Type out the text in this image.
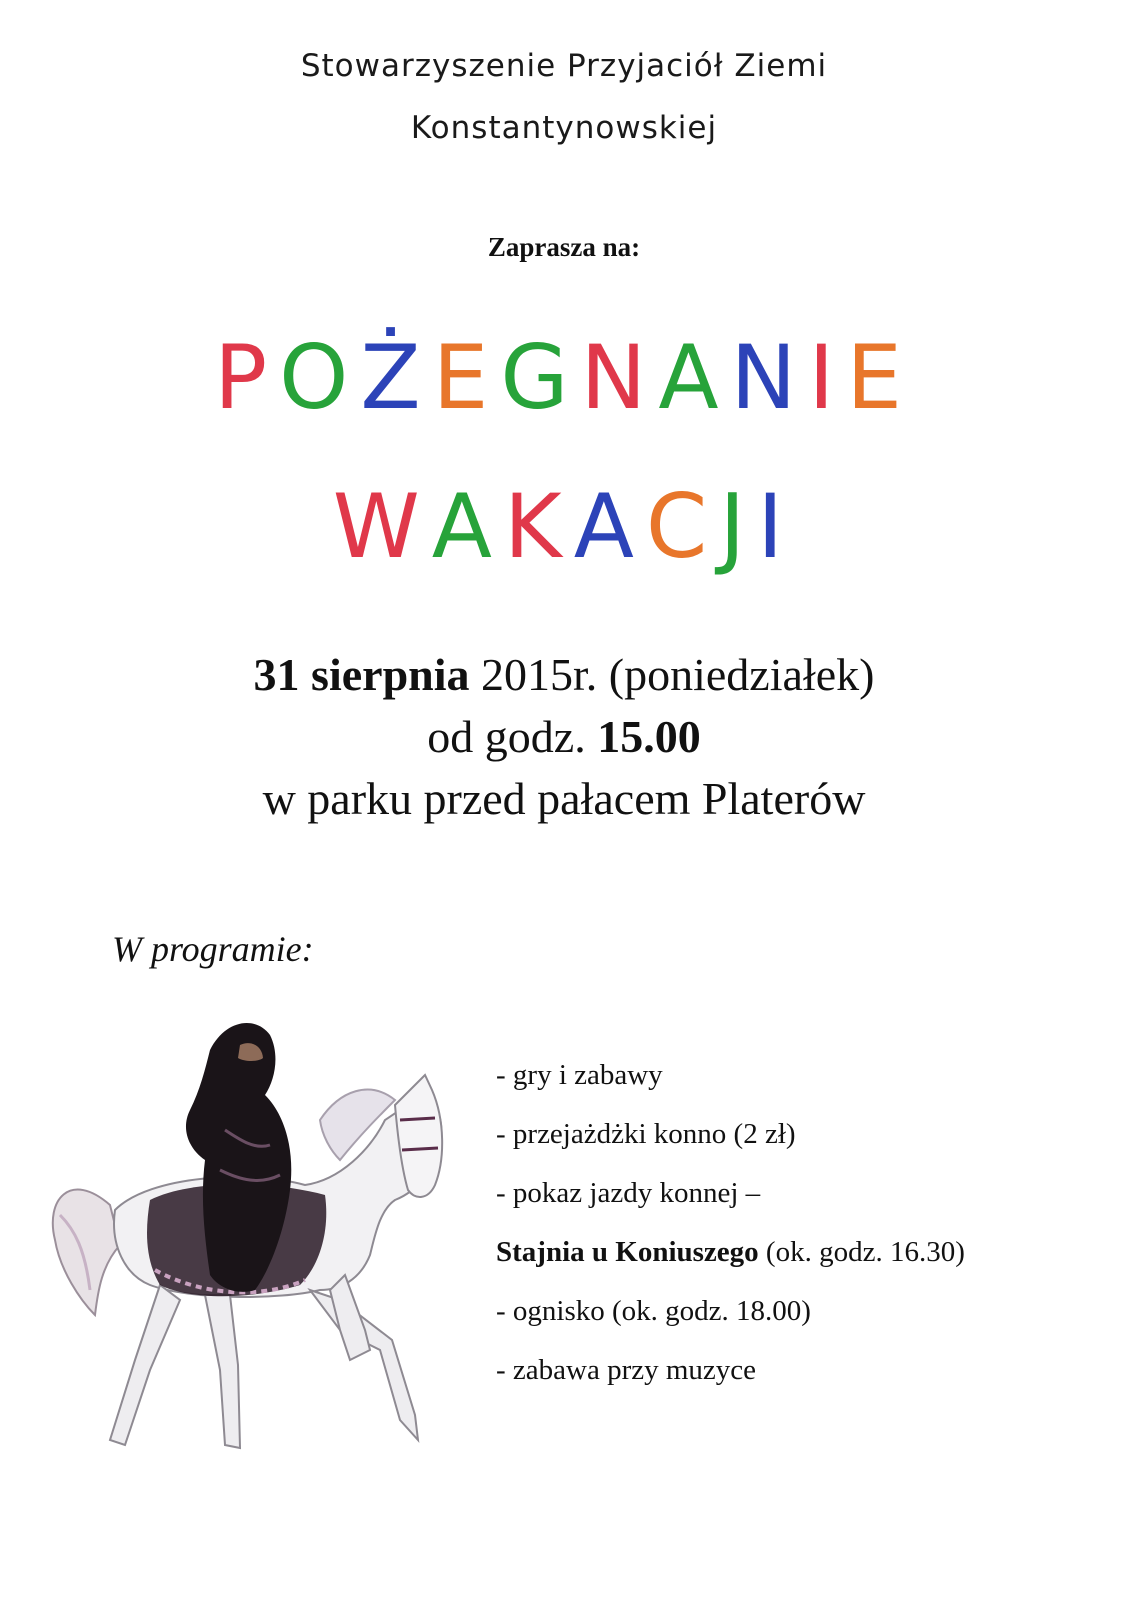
Stowarzyszenie Przyjaciół Ziemi
Konstantynowskiej
Zaprasza na:
POŻEGNANIE
WAKACJI
31 sierpnia 2015r. (poniedziałek)
od godz. 15.00
w parku przed pałacem Platerów
W programie:
- gry i zabawy
- przejażdżki konno (2 zł)
- pokaz jazdy konnej –
Stajnia u Koniuszego (ok. godz. 16.30)
- ognisko (ok. godz. 18.00)
- zabawa przy muzyce
